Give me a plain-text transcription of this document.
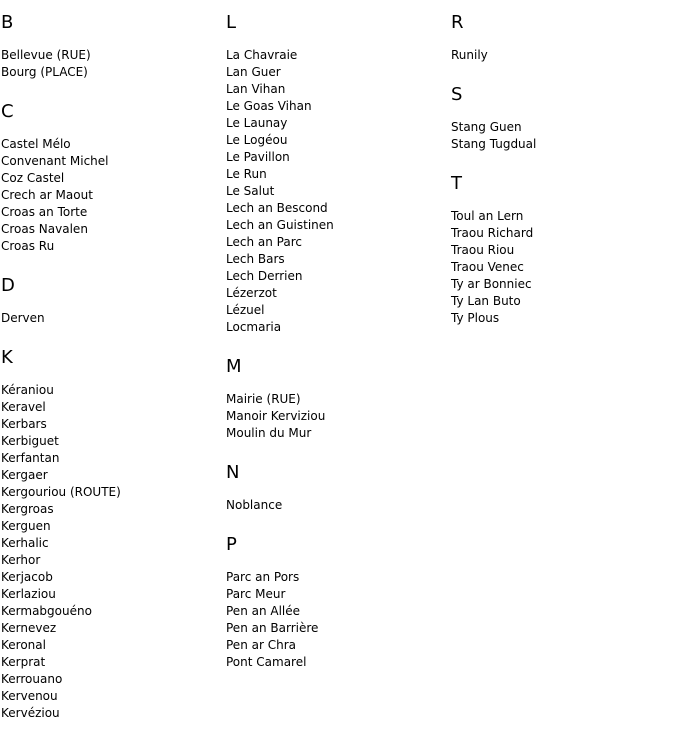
B
Bellevue (RUE)
Bourg (PLACE)
C
Castel Mélo
Convenant Michel
Coz Castel
Crech ar Maout
Croas an Torte
Croas Navalen
Croas Ru
D
Derven
K
Kéraniou
Keravel
Kerbars
Kerbiguet
Kerfantan
Kergaer
Kergouriou (ROUTE)
Kergroas
Kerguen
Kerhalic
Kerhor
Kerjacob
Kerlaziou
Kermabgouéno
Kernevez
Keronal
Kerprat
Kerrouano
Kervenou
Kervéziou
L
La Chavraie
Lan Guer
Lan Vihan
Le Goas Vihan
Le Launay
Le Logéou
Le Pavillon
Le Run
Le Salut
Lech an Bescond
Lech an Guistinen
Lech an Parc
Lech Bars
Lech Derrien
Lézerzot
Lézuel
Locmaria
M
Mairie (RUE)
Manoir Kerviziou
Moulin du Mur
N
Noblance
P
Parc an Pors
Parc Meur
Pen an Allée
Pen an Barrière
Pen ar Chra
Pont Camarel
R
Runily
S
Stang Guen
Stang Tugdual
T
Toul an Lern
Traou Richard
Traou Riou
Traou Venec
Ty ar Bonniec
Ty Lan Buto
Ty Plous
